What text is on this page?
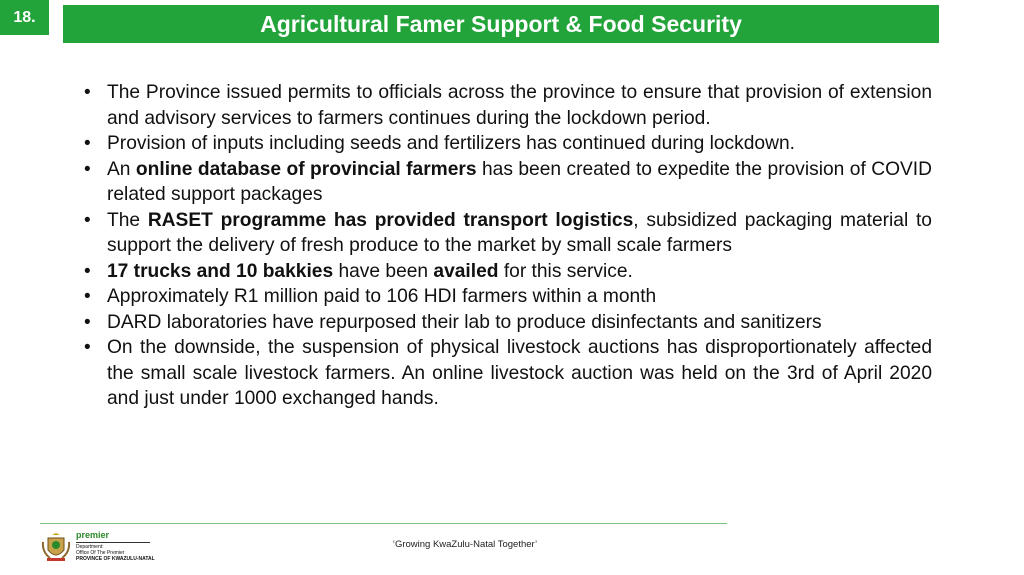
18.	Agricultural Famer Support & Food Security
• The Province issued permits to officials across the province to ensure that provision of extension and advisory services to farmers continues during the lockdown period.
• Provision of inputs including seeds and fertilizers has continued during lockdown.
• An online database of provincial farmers has been created to expedite the provision of COVID related support packages
• The RASET programme has provided transport logistics, subsidized packaging material to support the delivery of fresh produce to the market by small scale farmers
• 17 trucks and 10 bakkies have been availed for this service.
• Approximately R1 million paid to 106 HDI farmers within a month
• DARD laboratories have repurposed their lab to produce disinfectants and sanitizers
• On the downside, the suspension of physical livestock auctions has disproportionately affected the small scale livestock farmers. An online livestock auction was held on the 3rd of April 2020 and just under 1000 exchanged hands.
premier
Department:
Office Of The Premier
PROVINCE OF KWAZULU-NATAL
‘Growing KwaZulu-Natal Together’
